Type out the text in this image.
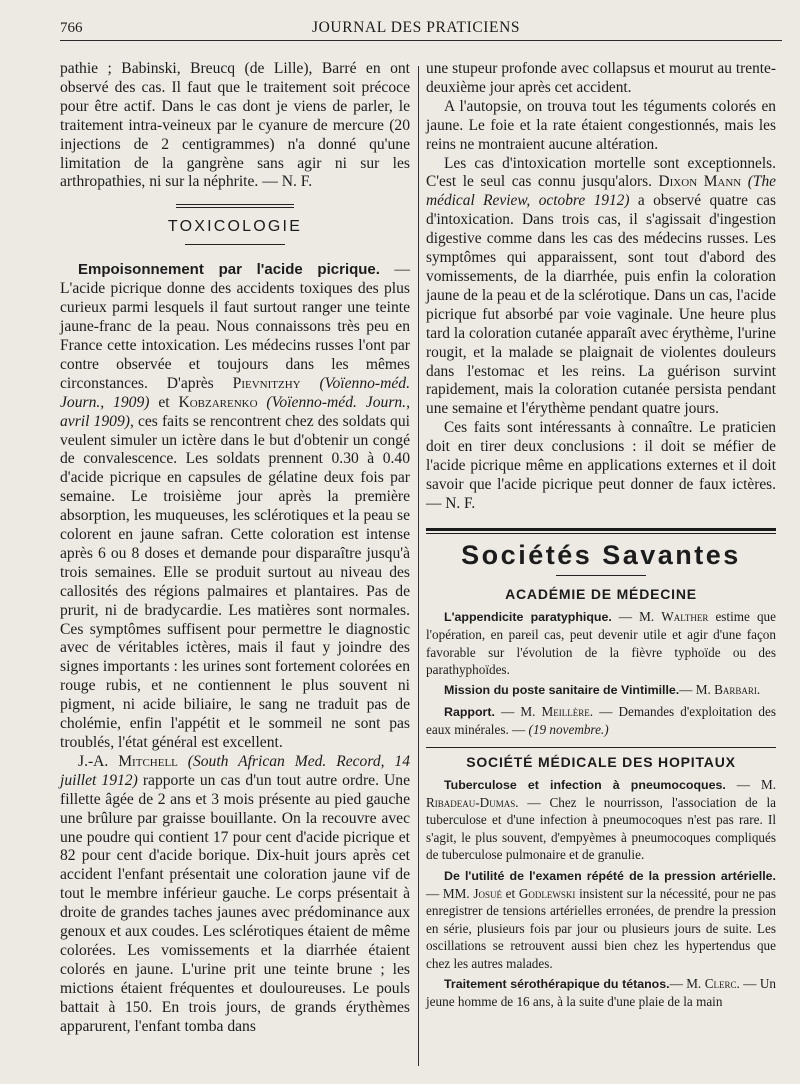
766	JOURNAL DES PRATICIENS

pathie ; Babinski, Breucq (de Lille), Barré en ont observé des cas. Il faut que le traitement soit précoce pour être actif. Dans le cas dont je viens de parler, le traitement intra-veineux par le cyanure de mercure (20 injections de 2 centigrammes) n'a donné qu'une limitation de la gangrène sans agir ni sur les arthropathies, ni sur la néphrite. — N. F.

TOXICOLOGIE

Empoisonnement par l'acide picrique. — L'acide picrique donne des accidents toxiques des plus curieux parmi lesquels il faut surtout ranger une teinte jaune-franc de la peau. Nous connaissons très peu en France cette intoxication. Les médecins russes l'ont par contre observée et toujours dans les mêmes circonstances. D'après Pievnitzhy (Voïenno-méd. Journ., 1909) et Kobzarenko (Voïenno-méd. Journ., avril 1909), ces faits se rencontrent chez des soldats qui veulent simuler un ictère dans le but d'obtenir un congé de convalescence. Les soldats prennent 0.30 à 0.40 d'acide picrique en capsules de gélatine deux fois par semaine. Le troisième jour après la première absorption, les muqueuses, les sclérotiques et la peau se colorent en jaune safran. Cette coloration est intense après 6 ou 8 doses et demande pour disparaître jusqu'à trois semaines. Elle se produit surtout au niveau des callosités des régions palmaires et plantaires. Pas de prurit, ni de bradycardie. Les matières sont normales. Ces symptômes suffisent pour permettre le diagnostic avec de véritables ictères, mais il faut y joindre des signes importants : les urines sont fortement colorées en rouge rubis, et ne contiennent le plus souvent ni pigment, ni acide biliaire, le sang ne traduit pas de cholémie, enfin l'appétit et le sommeil ne sont pas troublés, l'état général est excellent.

J.-A. Mitchell (South African Med. Record, 14 juillet 1912) rapporte un cas d'un tout autre ordre. Une fillette âgée de 2 ans et 3 mois présente au pied gauche une brûlure par graisse bouillante. On la recouvre avec une poudre qui contient 17 pour cent d'acide picrique et 82 pour cent d'acide borique. Dix-huit jours après cet accident l'enfant présentait une coloration jaune vif de tout le membre inférieur gauche. Le corps présentait à droite de grandes taches jaunes avec prédominance aux genoux et aux coudes. Les sclérotiques étaient de même colorées. Les vomissements et la diarrhée étaient colorés en jaune. L'urine prit une teinte brune ; les mictions étaient fréquentes et douloureuses. Le pouls battait à 150. En trois jours, de grands érythèmes apparurent, l'enfant tomba dans

une stupeur profonde avec collapsus et mourut au trente-deuxième jour après cet accident.

A l'autopsie, on trouva tout les téguments colorés en jaune. Le foie et la rate étaient congestionnés, mais les reins ne montraient aucune altération.

Les cas d'intoxication mortelle sont exceptionnels. C'est le seul cas connu jusqu'alors. Dixon Mann (The médical Review, octobre 1912) a observé quatre cas d'intoxication. Dans trois cas, il s'agissait d'ingestion digestive comme dans les cas des médecins russes. Les symptômes qui apparaissent, sont tout d'abord des vomissements, de la diarrhée, puis enfin la coloration jaune de la peau et de la sclérotique. Dans un cas, l'acide picrique fut absorbé par voie vaginale. Une heure plus tard la coloration cutanée apparaît avec érythème, l'urine rougit, et la malade se plaignait de violentes douleurs dans l'estomac et les reins. La guérison survint rapidement, mais la coloration cutanée persista pendant une semaine et l'érythème pendant quatre jours.

Ces faits sont intéressants à connaître. Le praticien doit en tirer deux conclusions : il doit se méfier de l'acide picrique même en applications externes et il doit savoir que l'acide picrique peut donner de faux ictères. — N. F.

Sociétés Savantes
ACADÉMIE DE MÉDECINE

L'appendicite paratyphique. — M. Walther estime que l'opération, en pareil cas, peut devenir utile et agir d'une façon favorable sur l'évolution de la fièvre typhoïde ou des parathyphoïdes.

Mission du poste sanitaire de Vintimille.— M. Barbari.

Rapport. — M. Meillère. — Demandes d'exploitation des eaux minérales. — (19 novembre.)

SOCIÉTÉ MÉDICALE DES HOPITAUX

Tuberculose et infection à pneumocoques. — M. Ribadeau-Dumas. — Chez le nourrisson, l'association de la tuberculose et d'une infection à pneumocoques n'est pas rare. Il s'agit, le plus souvent, d'empyèmes à pneumocoques compliqués de tuberculose pulmonaire et de granulie.

De l'utilité de l'examen répété de la pression artérielle. — MM. Josué et Godlewski insistent sur la nécessité, pour ne pas enregistrer de tensions artérielles erronées, de prendre la pression en série, plusieurs fois par jour ou plusieurs jours de suite. Les oscillations se retrouvent aussi bien chez les hypertendus que chez les autres malades.

Traitement sérothérapique du tétanos.— M. Clerc. — Un jeune homme de 16 ans, à la suite d'une plaie de la main
